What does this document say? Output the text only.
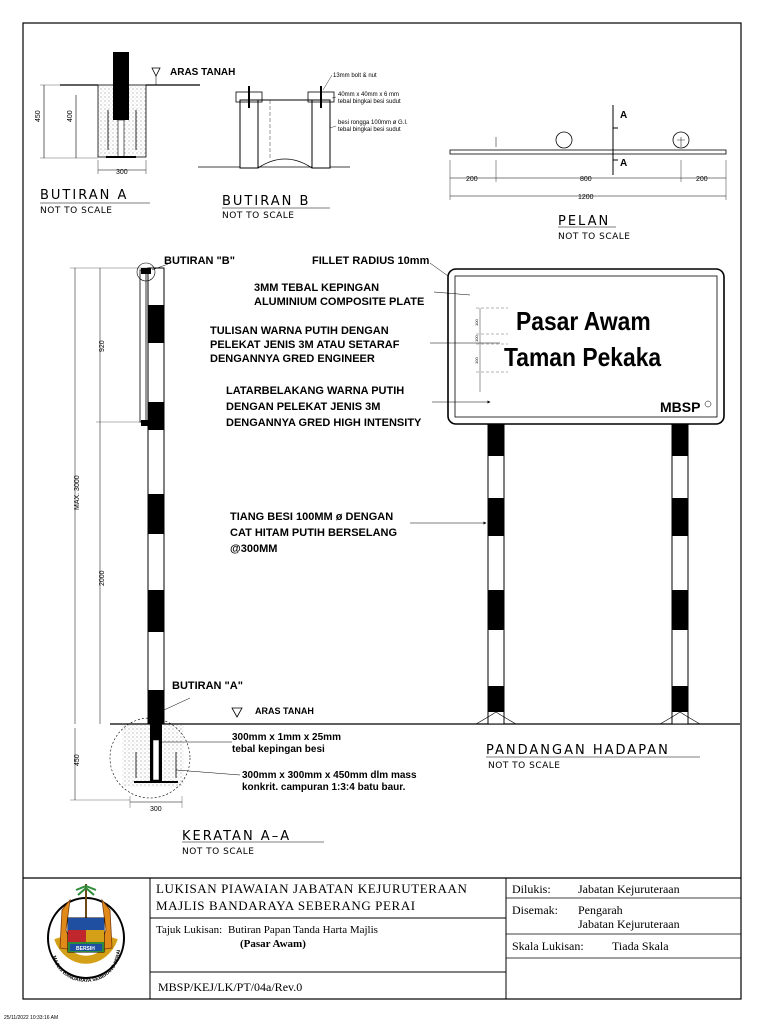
ARAS TANAH
450	400
300
BUTIRAN A
NOT TO SCALE
13mm bolt & nut
40mm x 40mm x 6 mm
tebal bingkai besi sudut
besi rongga 100mm ø G.I.
tebal bingkai besi sudut
BUTIRAN B
NOT TO SCALE
A
A
200	800	200
1200
PELAN
NOT TO SCALE
Pasar Awam
Taman Pekaka
MBSP
100
100
100
PANDANGAN HADAPAN
NOT TO SCALE
BUTIRAN "B"	FILLET RADIUS 10mm
3MM TEBAL KEPINGAN
ALUMINIUM COMPOSITE PLATE
TULISAN WARNA PUTIH DENGAN
PELEKAT JENIS 3M ATAU SETARAF
DENGANNYA GRED ENGINEER
LATARBELAKANG WARNA PUTIH
DENGAN PELEKAT JENIS 3M
DENGANNYA GRED HIGH INTENSITY
TIANG BESI 100MM ø DENGAN
CAT HITAM PUTIH BERSELANG
@300MM
BUTIRAN "A"
ARAS TANAH
300mm x 1mm x 25mm
tebal kepingan besi
300mm x 300mm x 450mm dlm mass
konkrit. campuran 1:3:4 batu baur.
920
MAX. 3000
2000
450
300
KERATAN A–A
NOT TO SCALE
BERSIH
MAJLIS BANDARAYA SEBERANG PERAI
LUKISAN PIAWAIAN JABATAN KEJURUTERAAN
MAJLIS BANDARAYA SEBERANG PERAI
Tajuk Lukisan: Butiran Papan Tanda Harta Majlis
(Pasar Awam)
MBSP/KEJ/LK/PT/04a/Rev.0
Dilukis: Jabatan Kejuruteraan
Disemak: Pengarah
Jabatan Kejuruteraan
Skala Lukisan: Tiada Skala
25/11/2022 10:33:16 AM
